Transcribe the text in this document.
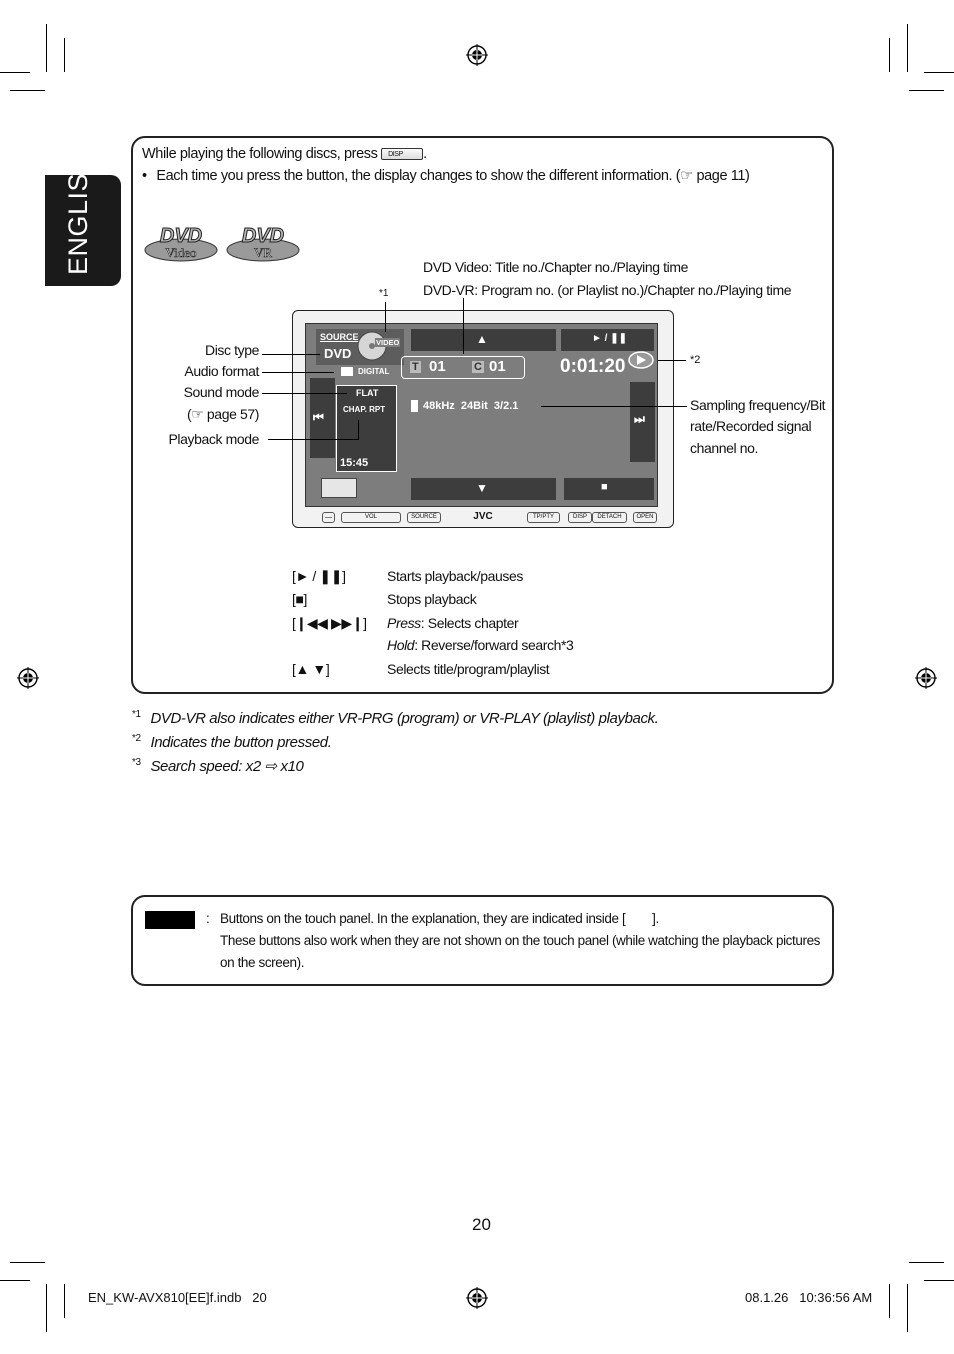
ENGLISH	While playing the following discs, press DISP .
• Each time you press the button, the display changes to show the different information. (☞ page 11)
DVD
Video
DVD
VR
DVD Video: Title no./Chapter no./Playing time
DVD-VR: Program no. (or Playlist no.)/Chapter no./Playing time
*1
*2
Disc type
Audio format
Sound mode
(☞ page 57)
Playback mode
Sampling frequency/Bit
rate/Recorded signal
channel no.
SOURCE
VIDEO
DVD
DIGITAL
▲	► / ❚❚
T 01	C 01	0:01:20
⏮	⏭
FLAT
CHAP. RPT
15:45
48kHz  24Bit  3/2.1
▼	■
—	VOL	SOURCE	JVC	TP/PTY	DISP	DETACH	OPEN
[► / ❚❚]	Starts playback/pauses
[■]	Stops playback
[❙◀◀ ▶▶❙] Press: Selects chapter
Hold: Reverse/forward search*3
[▲ ▼]	Selects title/program/playlist
$^{*1}$ DVD-VR also indicates either VR-PRG (program) or VR-PLAY (playlist) playback.
$^{*2}$ Indicates the button pressed.
$^{*3}$ Search speed: x2 ⇨ x10
: Buttons on the touch panel. In the explanation, they are indicated inside [        ].
These buttons also work when they are not shown on the touch panel (while watching the playback pictures
on the screen).
20
EN_KW-AVX810[EE]f.indb   20	08.1.26   10:36:56 AM
